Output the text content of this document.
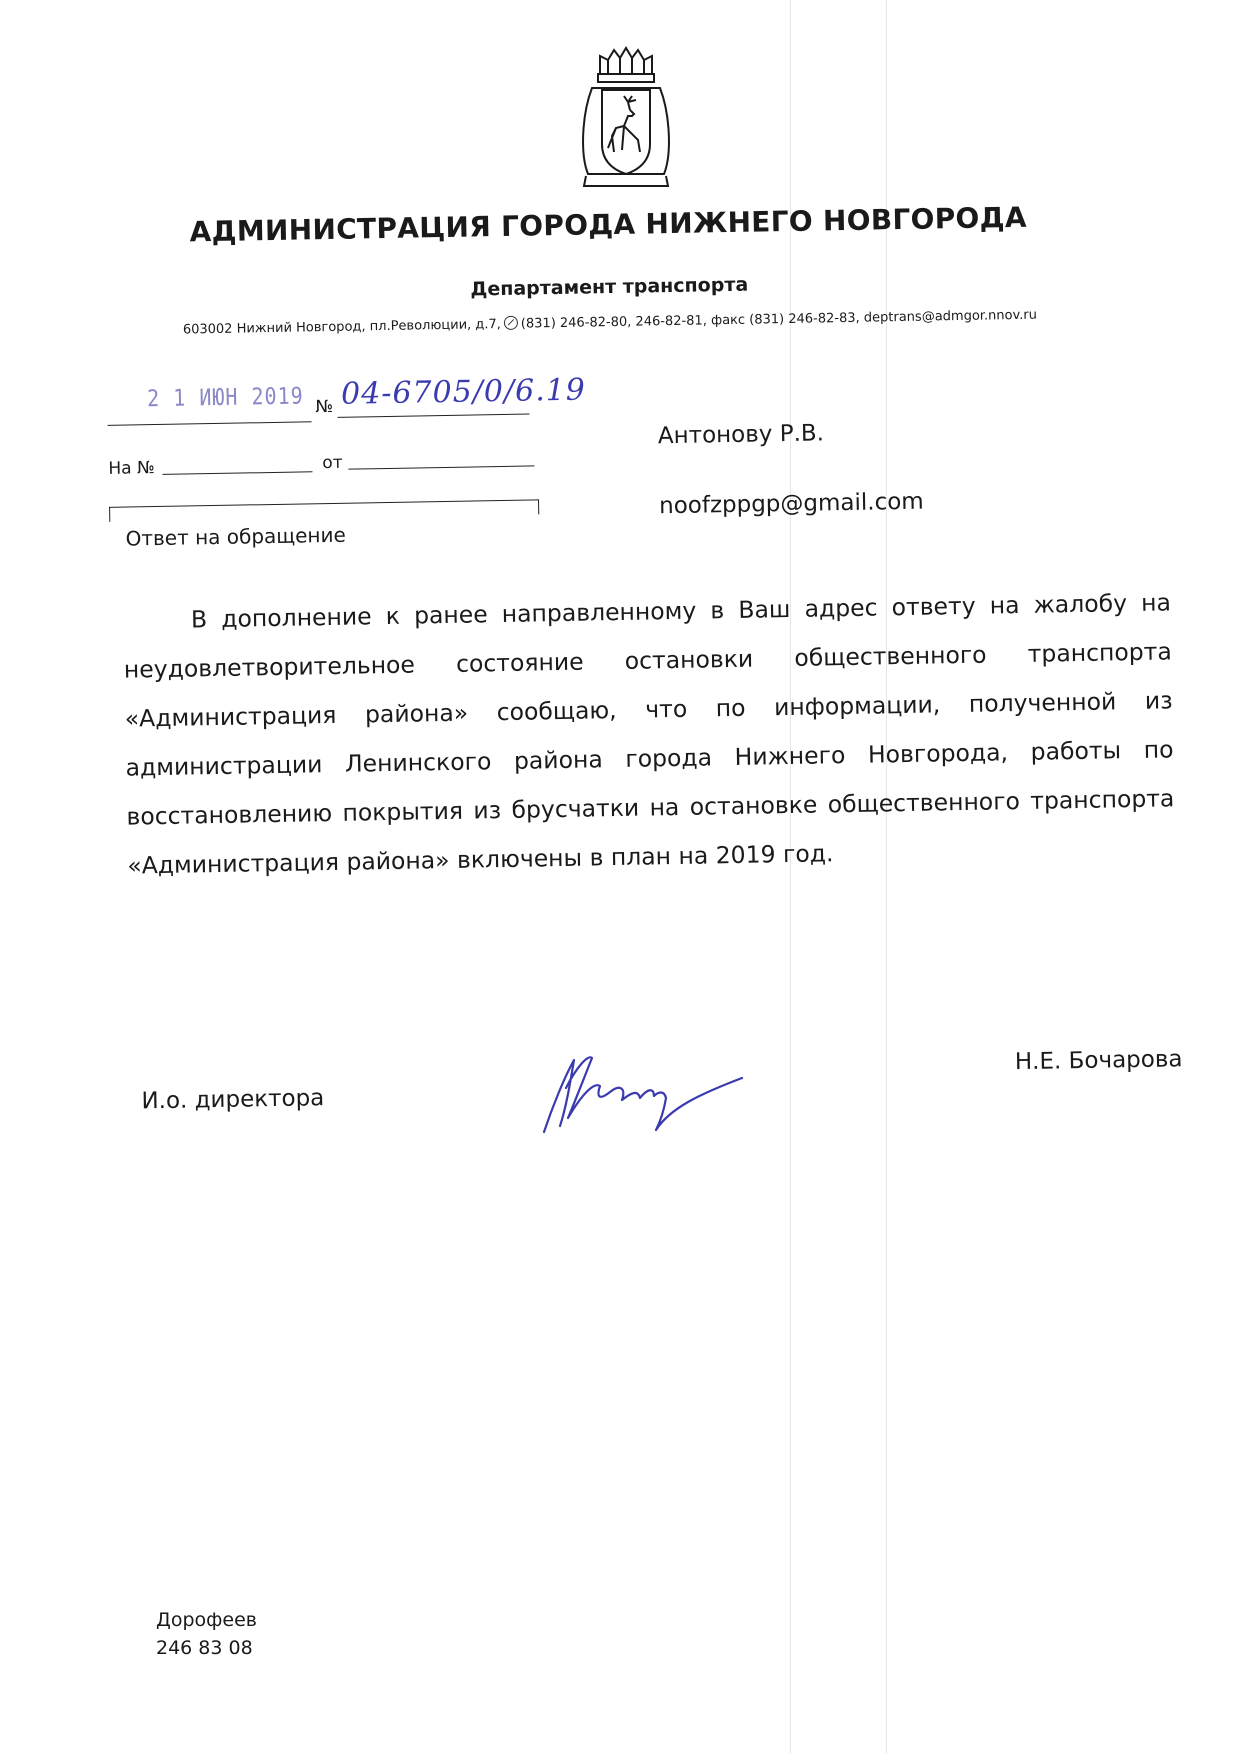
АДМИНИСТРАЦИЯ ГОРОДА НИЖНЕГО НОВГОРОДА
Департамент транспорта
603002 Нижний Новгород, пл.Революции, д.7, (831) 246-82-80, 246-82-81, факс (831) 246-82-83, deptrans@admgor.nnov.ru
2 1 ИЮН 2019 № 04-6705/0/6.19
На №	от
Ответ на обращение
Антонову Р.В.
noofzppgp@gmail.com
В дополнение к ранее направленному в Ваш адрес ответу на жалобу на неудовлетворительное состояние остановки общественного транспорта «Администрация района» сообщаю, что по информации, полученной из администрации Ленинского района города Нижнего Новгорода, работы по восстановлению покрытия из брусчатки на остановке общественного транспорта «Администрация района» включены в план на 2019 год.
И.о. директора
Н.Е. Бочарова
Дорофеев
246 83 08
